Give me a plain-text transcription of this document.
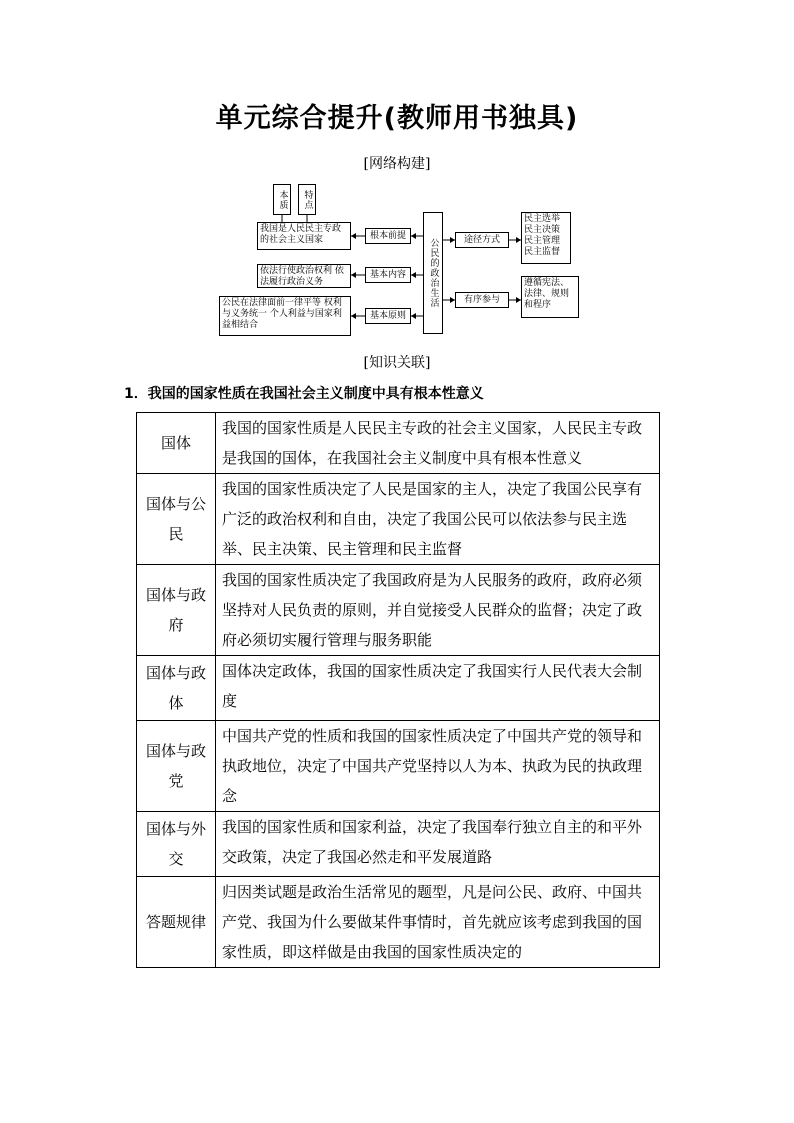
单元综合提升(教师用书独具)
[网络构建]
本质	特点
我国是人民民主专政的社会主义国家
依法行使政治权利 依法履行政治义务
公民在法律面前一律平等 权利与义务统一 个人利益与国家利益相结合
根本前提
基本内容
基本原则
公民的政治生活	途径方式
有序参与
民主选举 民主决策 民主管理 民主监督
遵循宪法、法律、规则和程序
[知识关联]
1．我国的国家性质在我国社会主义制度中具有根本性意义
国体	我国的国家性质是人民民主专政的社会主义国家，人民民主专政是我国的国体，在我国社会主义制度中具有根本性意义
国体与公民	我国的国家性质决定了人民是国家的主人，决定了我国公民享有广泛的政治权利和自由，决定了我国公民可以依法参与民主选举、民主决策、民主管理和民主监督
国体与政府	我国的国家性质决定了我国政府是为人民服务的政府，政府必须坚持对人民负责的原则，并自觉接受人民群众的监督；决定了政府必须切实履行管理与服务职能
国体与政体	国体决定政体，我国的国家性质决定了我国实行人民代表大会制度
国体与政党	中国共产党的性质和我国的国家性质决定了中国共产党的领导和执政地位，决定了中国共产党坚持以人为本、执政为民的执政理念
国体与外交	我国的国家性质和国家利益，决定了我国奉行独立自主的和平外交政策，决定了我国必然走和平发展道路
答题规律	归因类试题是政治生活常见的题型，凡是问公民、政府、中国共产党、我国为什么要做某件事情时，首先就应该考虑到我国的国家性质，即这样做是由我国的国家性质决定的
